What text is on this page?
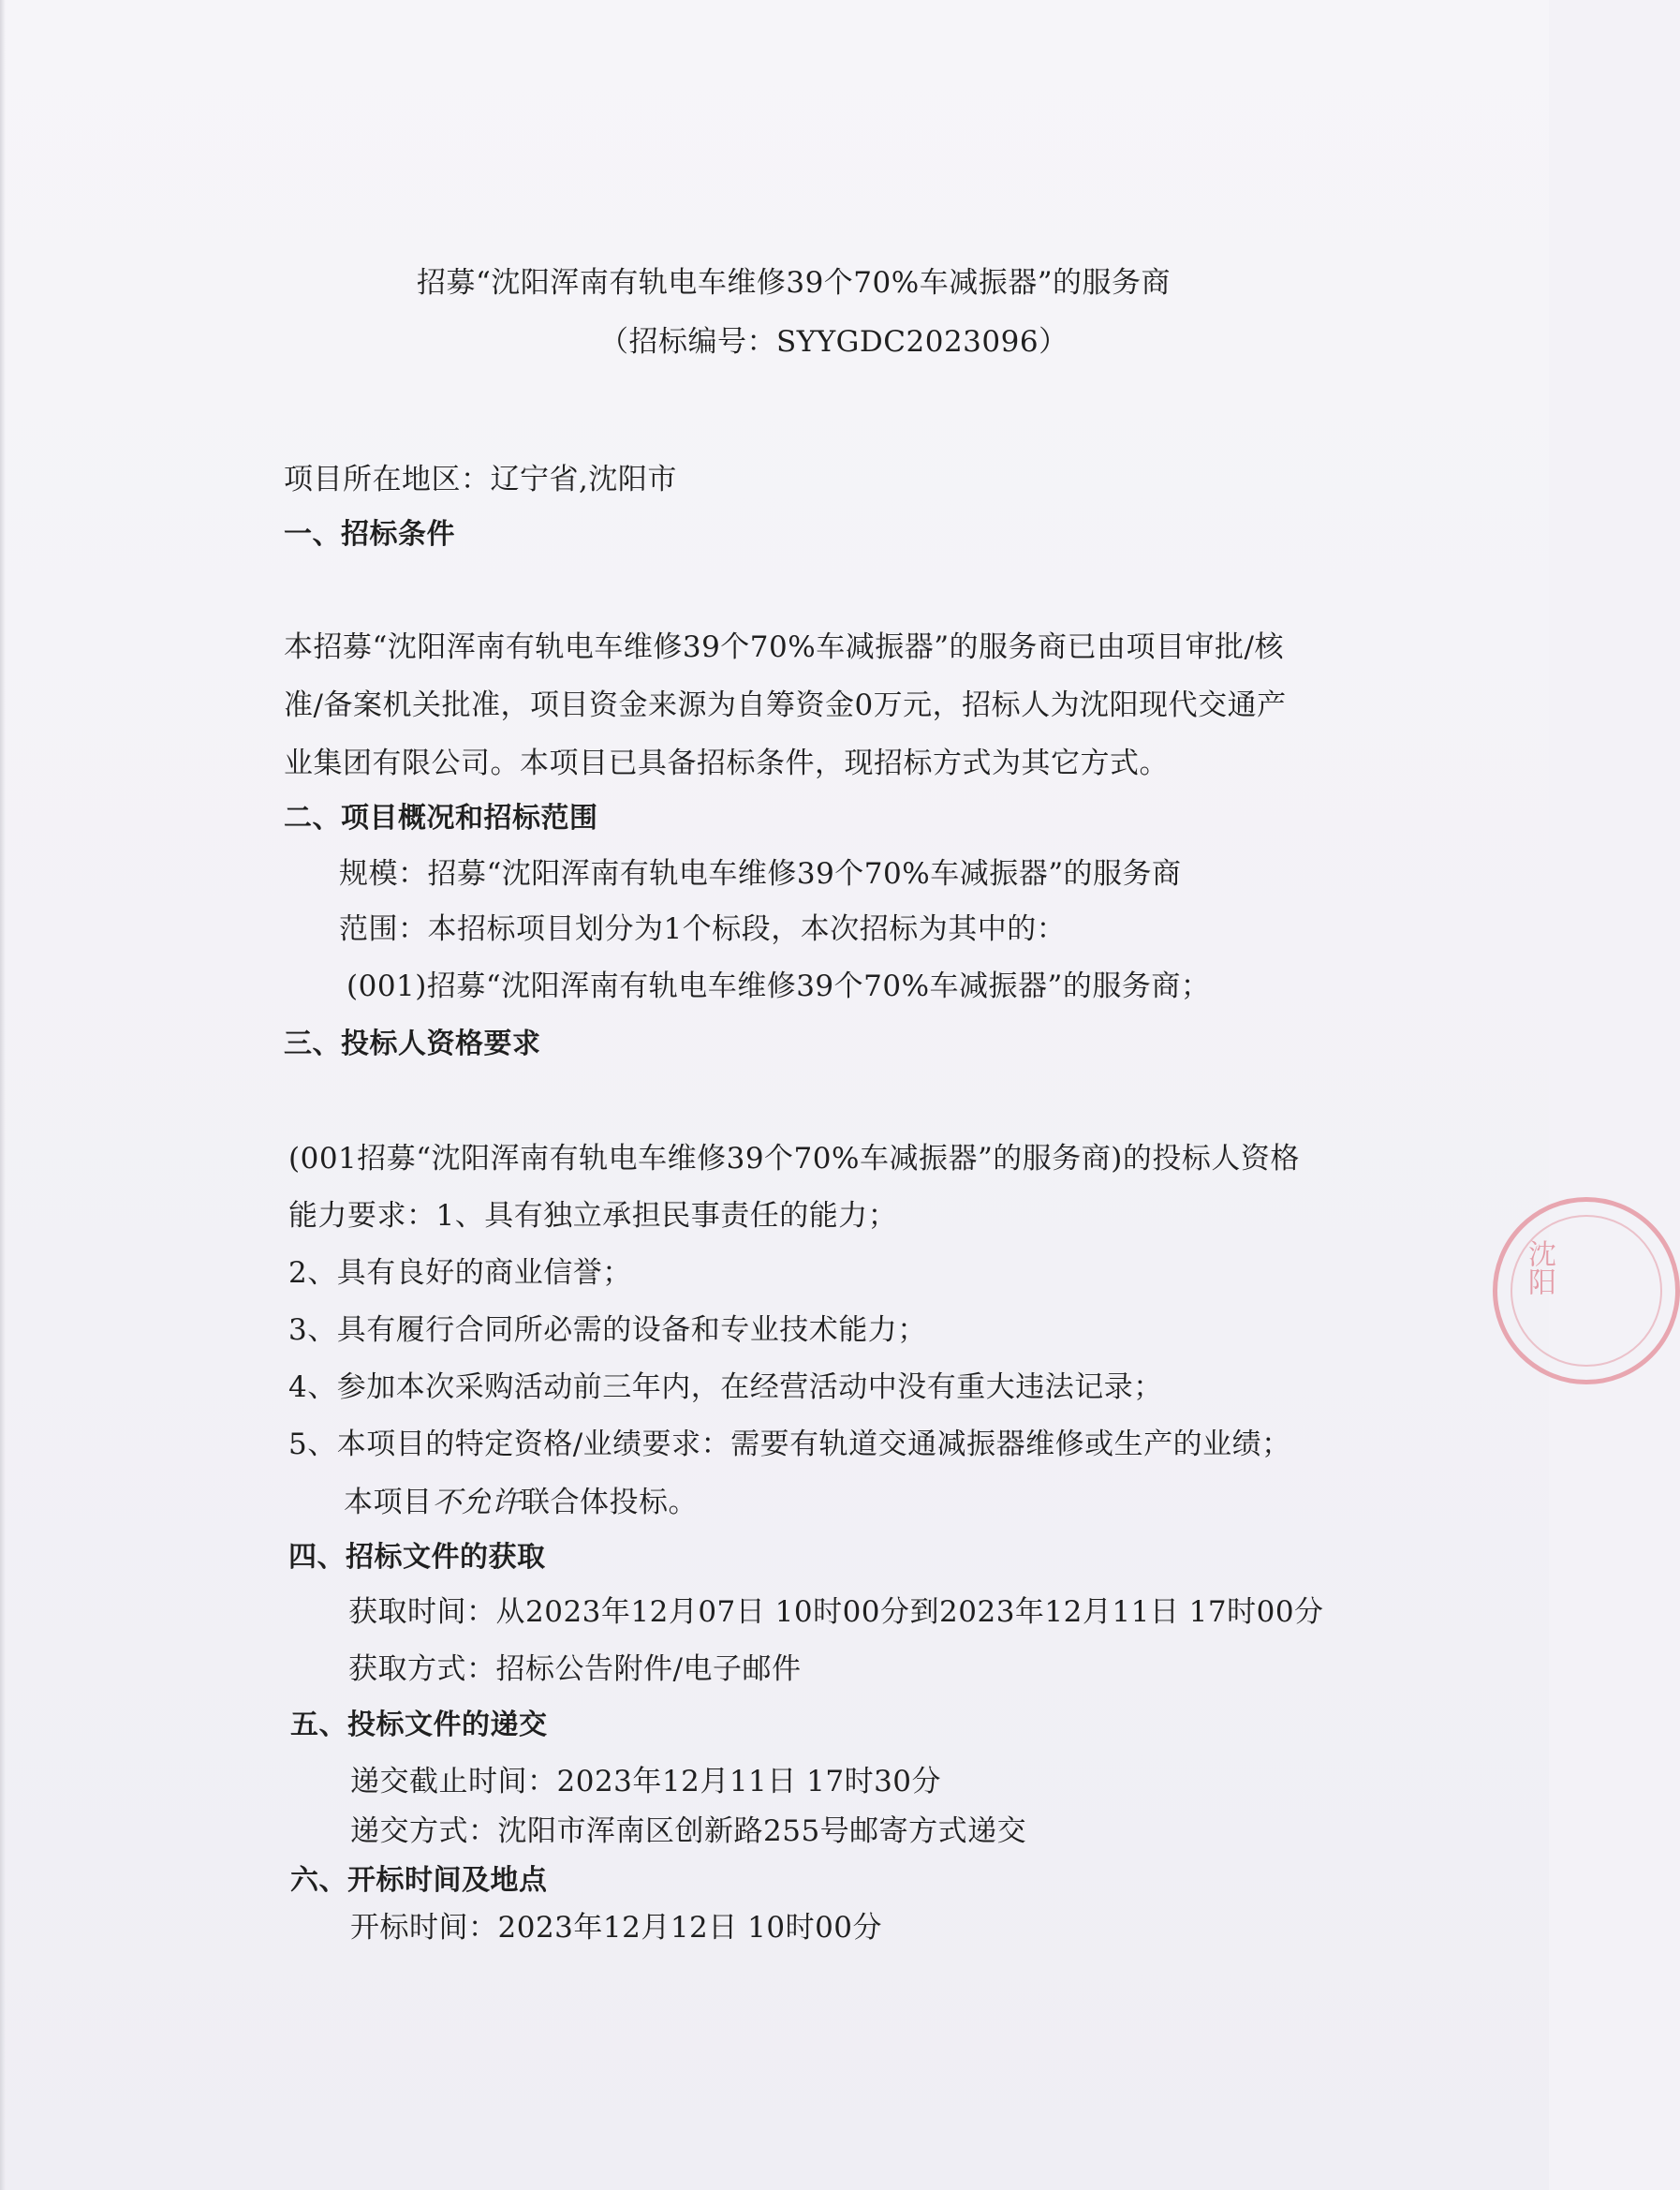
招募“沈阳浑南有轨电车维修39个70%车减振器”的服务商
（招标编号：SYYGDC2023096）
项目所在地区：辽宁省,沈阳市
一、招标条件
本招募“沈阳浑南有轨电车维修39个70%车减振器”的服务商已由项目审批/核
准/备案机关批准，项目资金来源为自筹资金0万元，招标人为沈阳现代交通产
业集团有限公司。本项目已具备招标条件，现招标方式为其它方式。
二、项目概况和招标范围
规模：招募“沈阳浑南有轨电车维修39个70%车减振器”的服务商
范围：本招标项目划分为1个标段，本次招标为其中的：
(001)招募“沈阳浑南有轨电车维修39个70%车减振器”的服务商；
三、投标人资格要求
(001招募“沈阳浑南有轨电车维修39个70%车减振器”的服务商)的投标人资格
能力要求：1、具有独立承担民事责任的能力；
2、具有良好的商业信誉；
3、具有履行合同所必需的设备和专业技术能力；
4、参加本次采购活动前三年内，在经营活动中没有重大违法记录；
5、本项目的特定资格/业绩要求：需要有轨道交通减振器维修或生产的业绩；
本项目不允许联合体投标。
四、招标文件的获取
获取时间：从2023年12月07日 10时00分到2023年12月11日 17时00分
获取方式：招标公告附件/电子邮件
五、投标文件的递交
递交截止时间：2023年12月11日 17时30分
递交方式：沈阳市浑南区创新路255号邮寄方式递交
六、开标时间及地点
开标时间：2023年12月12日 10时00分
沈阳
